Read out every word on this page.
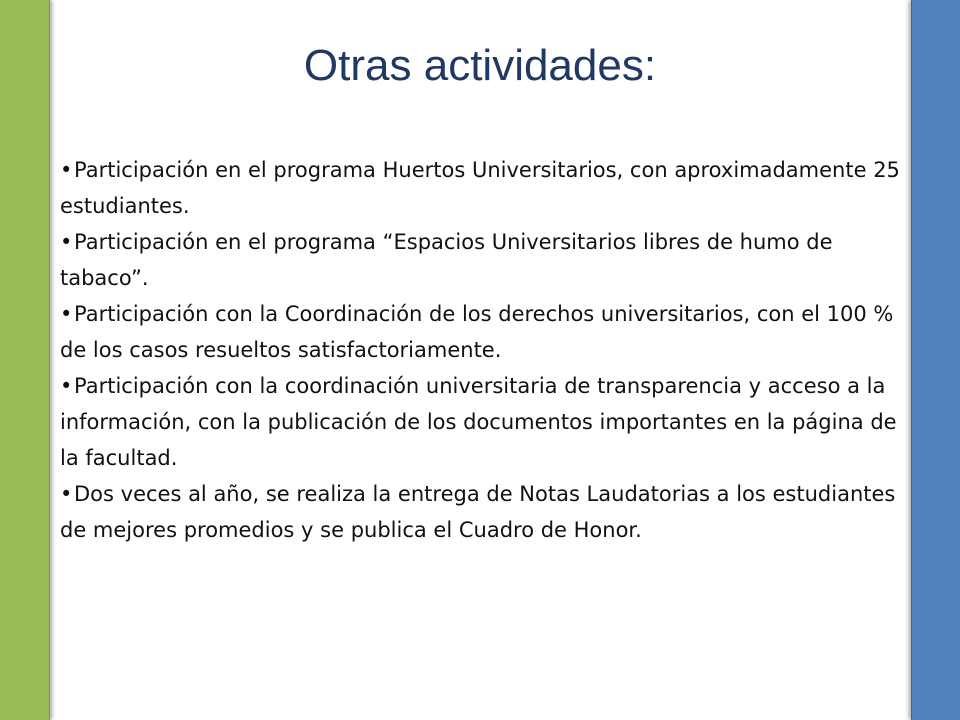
Otras actividades:

•Participación en el programa Huertos Universitarios, con aproximadamente 25 estudiantes.

•Participación en el programa “Espacios Universitarios libres de humo de tabaco”.

•Participación con la Coordinación de los derechos universitarios, con el 100 % de los casos resueltos satisfactoriamente.

•Participación con la coordinación universitaria de transparencia y acceso a la información, con la publicación de los documentos importantes en la página de la facultad.

•Dos veces al año, se realiza la entrega de Notas Laudatorias a los estudiantes de mejores promedios y se publica el Cuadro de Honor.
